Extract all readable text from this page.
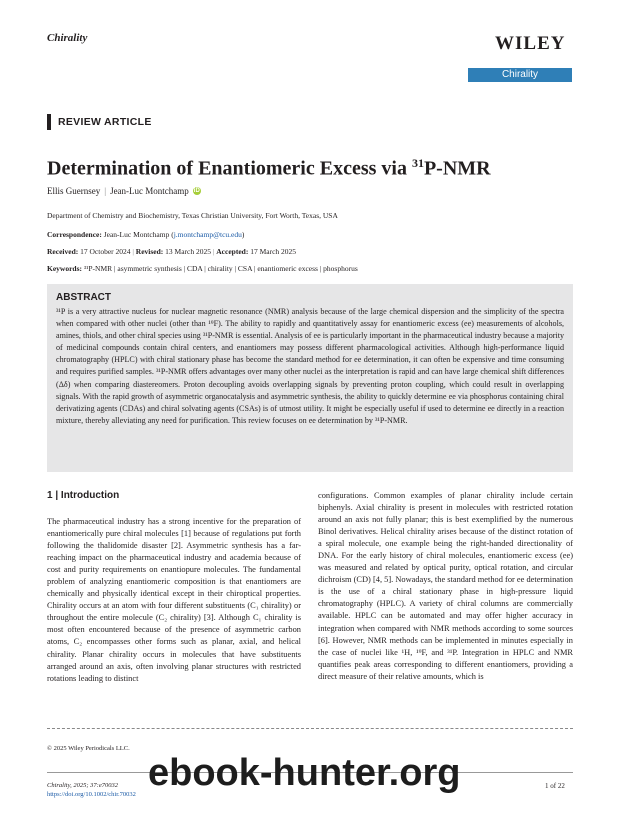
Chirality	WILEY
Chirality
REVIEW ARTICLE
Determination of Enantiomeric Excess via $^{31}$P-NMR
Ellis Guernsey | Jean-Luc Montchamp iD
Department of Chemistry and Biochemistry, Texas Christian University, Fort Worth, Texas, USA
Correspondence: Jean-Luc Montchamp (j.montchamp@tcu.edu)
Received: 17 October 2024 | Revised: 13 March 2025 | Accepted: 17 March 2025
Keywords: ³¹P-NMR | asymmetric synthesis | CDA | chirality | CSA | enantiomeric excess | phosphorus
ABSTRACT

³¹P is a very attractive nucleus for nuclear magnetic resonance (NMR) analysis because of the large chemical dispersion and the simplicity of the spectra when compared with other nuclei (other than ¹⁹F). The ability to rapidly and quantitatively assay for enantiomeric excess (ee) measurements of alcohols, amines, thiols, and other chiral species using ³¹P-NMR is essential. Analysis of ee is particularly important in the pharmaceutical industry because a majority of medicinal compounds contain chiral centers, and enantiomers may possess different pharmacological activities. Although high-performance liquid chromatography (HPLC) with chiral stationary phase has become the standard method for ee determination, it can often be expensive and time consuming and requires purified samples. ³¹P-NMR offers advantages over many other nuclei as the interpretation is rapid and can have large chemical shift differences (Δδ) when comparing diastereomers. Proton decoupling avoids overlapping signals by preventing proton coupling, which could result in overlapping signals. With the rapid growth of asymmetric organocatalysis and asymmetric synthesis, the ability to quickly determine ee via phosphorus containing chiral derivatizing agents (CDAs) and chiral solvating agents (CSAs) is of utmost utility. It might be especially useful if used to determine ee directly in a reaction mixture, thereby alleviating any need for purification. This review focuses on ee determination by ³¹P-NMR.

1 | Introduction

The pharmaceutical industry has a strong incentive for the preparation of enantiomerically pure chiral molecules [1] because of regulations put forth following the thalidomide disaster [2]. Asymmetric synthesis has a far-reaching impact on the pharmaceutical industry and academia because of cost and purity requirements on enantiopure molecules. The fundamental problem of analyzing enantiomeric composition is that enantiomers are chemically and physically identical except in their chiroptical properties. Chirality occurs at an atom with four different substituents (C₁ chirality) or throughout the entire molecule (C₂ chirality) [3]. Although C₁ chirality is most often encountered because of the presence of asymmetric carbon atoms, C₂ encompasses other forms such as planar, axial, and helical chirality. Planar chirality occurs in molecules that have substituents arranged around an axis, often involving planar structures with restricted rotations leading to distinct

configurations. Common examples of planar chirality include certain biphenyls. Axial chirality is present in molecules with restricted rotation around an axis not fully planar; this is best exemplified by the numerous Binol derivatives. Helical chirality arises because of the distinct rotation of a spiral molecule, one example being the right-handed directionality of DNA. For the early history of chiral molecules, enantiomeric excess (ee) was measured and related by optical purity, optical rotation, and circular dichroism (CD) [4, 5]. Nowadays, the standard method for ee determination is the use of a chiral stationary phase in high-pressure liquid chromatography (HPLC). A variety of chiral columns are commercially available. HPLC can be automated and may offer higher accuracy in integration when compared with NMR methods according to some sources [6]. However, NMR methods can be implemented in minutes especially in the case of nuclei like ¹H, ¹⁹F, and ³¹P. Integration in HPLC and NMR quantifies peak areas corresponding to different enantiomers, providing a direct measure of their relative amounts, which is

© 2025 Wiley Periodicals LLC.
Chirality, 2025; 37:e70032
https://doi.org/10.1002/chir.70032
1 of 22
ebook-hunter.org
